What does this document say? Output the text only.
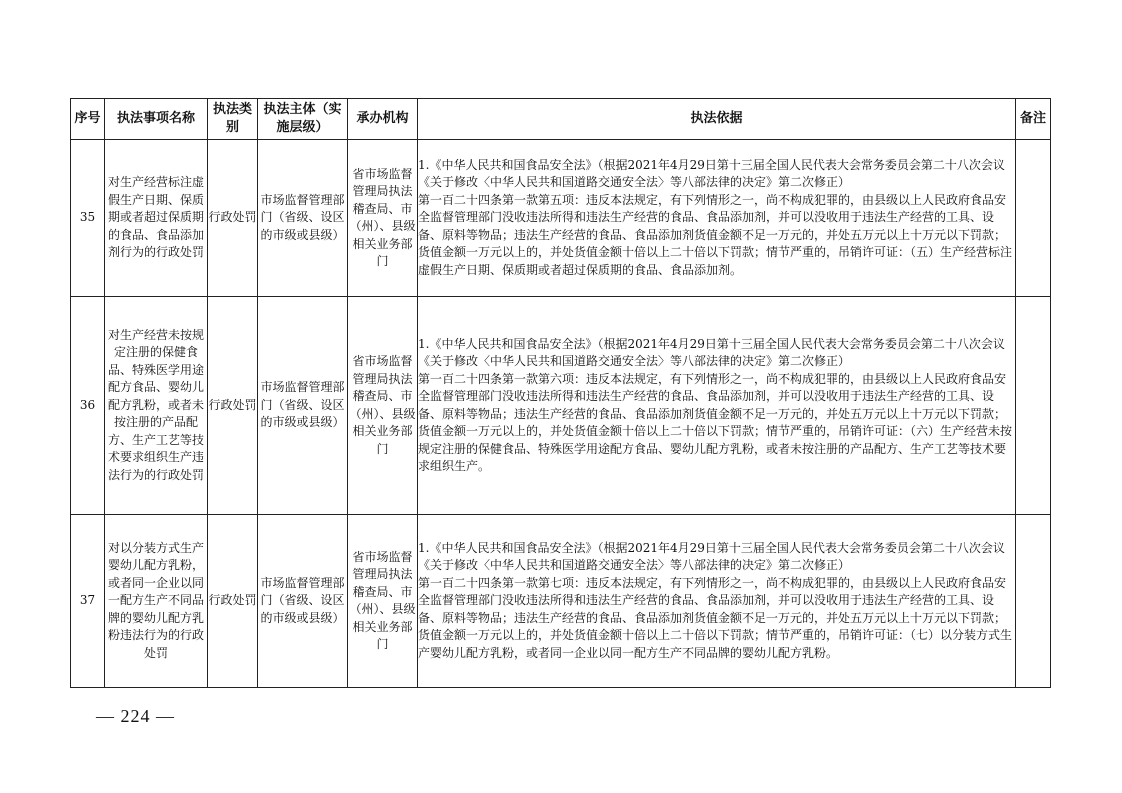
序号	执法事项名称	执法类别	执法主体（实施层级）	承办机构	执法依据	备注
35	对生产经营标注虚假生产日期、保质期或者超过保质期的食品、食品添加剂行为的行政处罚	行政处罚	市场监督管理部门（省级、设区的市级或县级）	省市场监督管理局执法稽查局、市（州）、县级相关业务部门	1.《中华人民共和国食品安全法》（根据2021年4月29日第十三届全国人民代表大会常务委员会第二十八次会议《关于修改〈中华人民共和国道路交通安全法〉等八部法律的决定》第二次修正）
第一百二十四条第一款第五项：违反本法规定，有下列情形之一，尚不构成犯罪的，由县级以上人民政府食品安全监督管理部门没收违法所得和违法生产经营的食品、食品添加剂，并可以没收用于违法生产经营的工具、设备、原料等物品；违法生产经营的食品、食品添加剂货值金额不足一万元的，并处五万元以上十万元以下罚款；货值金额一万元以上的，并处货值金额十倍以上二十倍以下罚款；情节严重的，吊销许可证：（五）生产经营标注虚假生产日期、保质期或者超过保质期的食品、食品添加剂。	

36	对生产经营未按规定注册的保健食品、特殊医学用途配方食品、婴幼儿配方乳粉，或者未按注册的产品配方、生产工艺等技术要求组织生产违法行为的行政处罚	行政处罚	市场监督管理部门（省级、设区的市级或县级）	省市场监督管理局执法稽查局、市（州）、县级相关业务部门	1.《中华人民共和国食品安全法》（根据2021年4月29日第十三届全国人民代表大会常务委员会第二十八次会议《关于修改〈中华人民共和国道路交通安全法〉等八部法律的决定》第二次修正）
第一百二十四条第一款第六项：违反本法规定，有下列情形之一，尚不构成犯罪的，由县级以上人民政府食品安全监督管理部门没收违法所得和违法生产经营的食品、食品添加剂，并可以没收用于违法生产经营的工具、设备、原料等物品；违法生产经营的食品、食品添加剂货值金额不足一万元的，并处五万元以上十万元以下罚款；货值金额一万元以上的，并处货值金额十倍以上二十倍以下罚款；情节严重的，吊销许可证：（六）生产经营未按规定注册的保健食品、特殊医学用途配方食品、婴幼儿配方乳粉，或者未按注册的产品配方、生产工艺等技术要求组织生产。	

37	对以分装方式生产婴幼儿配方乳粉，或者同一企业以同一配方生产不同品牌的婴幼儿配方乳粉违法行为的行政处罚	行政处罚	市场监督管理部门（省级、设区的市级或县级）	省市场监督管理局执法稽查局、市（州）、县级相关业务部门	1.《中华人民共和国食品安全法》（根据2021年4月29日第十三届全国人民代表大会常务委员会第二十八次会议《关于修改〈中华人民共和国道路交通安全法〉等八部法律的决定》第二次修正）
第一百二十四条第一款第七项：违反本法规定，有下列情形之一，尚不构成犯罪的，由县级以上人民政府食品安全监督管理部门没收违法所得和违法生产经营的食品、食品添加剂，并可以没收用于违法生产经营的工具、设备、原料等物品；违法生产经营的食品、食品添加剂货值金额不足一万元的，并处五万元以上十万元以下罚款；货值金额一万元以上的，并处货值金额十倍以上二十倍以下罚款；情节严重的，吊销许可证：（七）以分装方式生产婴幼儿配方乳粉，或者同一企业以同一配方生产不同品牌的婴幼儿配方乳粉。	

— 224 —
